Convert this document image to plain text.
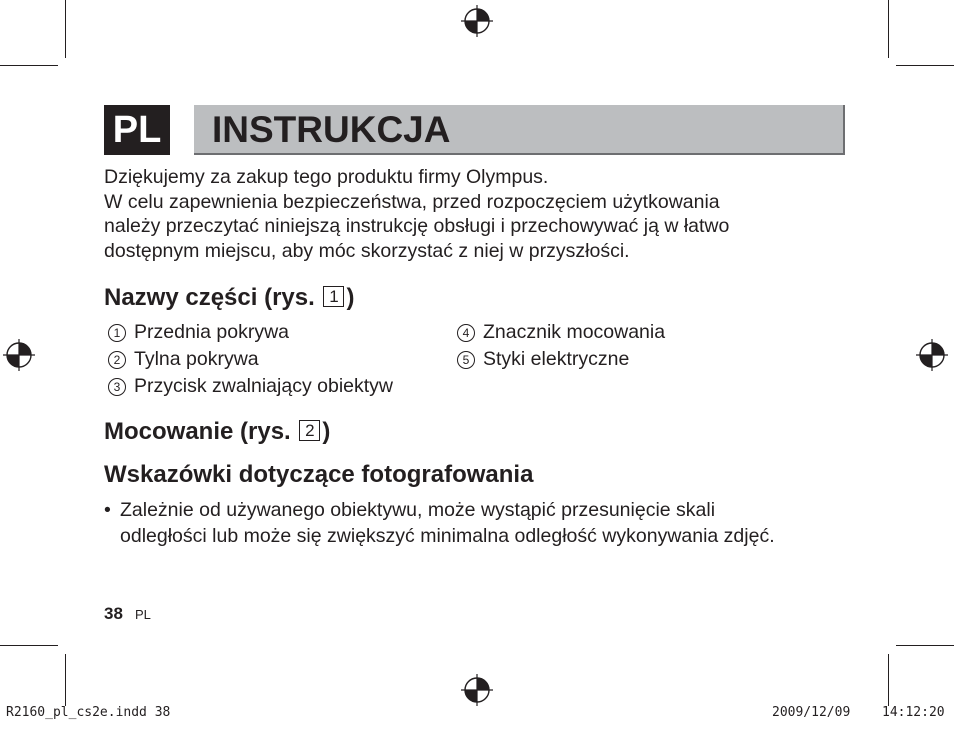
PL INSTRUKCJA
Dziękujemy za zakup tego produktu firmy Olympus.
W celu zapewnienia bezpieczeństwa, przed rozpoczęciem użytkowania
należy przeczytać niniejszą instrukcję obsługi i przechowywać ją w łatwo
dostępnym miejscu, aby móc skorzystać z niej w przyszłości.
Nazwy części (rys. 1 )
1 Przednia pokrywa
2 Tylna pokrywa
3 Przycisk zwalniający obiektyw
4 Znacznik mocowania
5 Styki elektryczne
Mocowanie (rys. 2 )
Wskazówki dotyczące fotografowania
• Zależnie od używanego obiektywu, może wystąpić przesunięcie skali
odległości lub może się zwiększyć minimalna odległość wykonywania zdjęć.
38 PL
R2160_pl_cs2e.indd 38	2009/12/09 14:12:20
